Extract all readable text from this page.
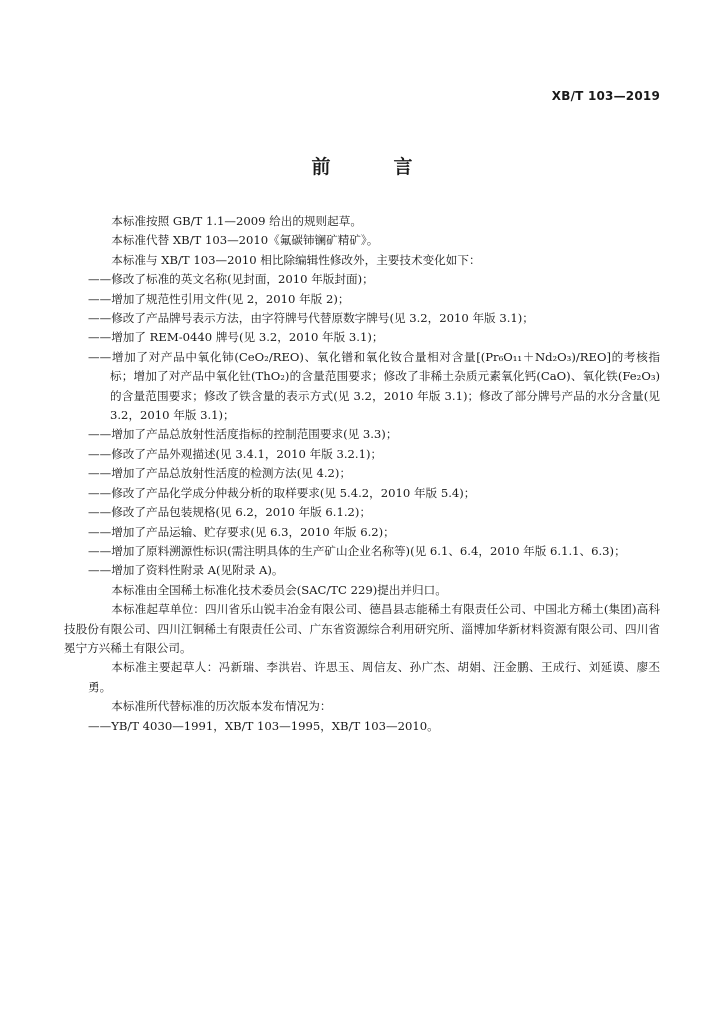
XB/T 103—2019
前　言

本标准按照 GB/T 1.1—2009 给出的规则起草。

本标准代替 XB/T 103—2010《氟碳铈镧矿精矿》。

本标准与 XB/T 103—2010 相比除编辑性修改外，主要技术变化如下：

——修改了标准的英文名称(见封面，2010 年版封面)；

——增加了规范性引用文件(见 2，2010 年版 2)；

——修改了产品牌号表示方法，由字符牌号代替原数字牌号(见 3.2，2010 年版 3.1)；

——增加了 REM-0440 牌号(见 3.2，2010 年版 3.1)；

——增加了对产品中氧化铈(CeO₂/REO)、氧化镨和氧化钕合量相对含量[(Pr₆O₁₁＋Nd₂O₃)/REO]的考核指标；增加了对产品中氧化钍(ThO₂)的含量范围要求；修改了非稀土杂质元素氧化钙(CaO)、氧化铁(Fe₂O₃)的含量范围要求；修改了铁含量的表示方式(见 3.2，2010 年版 3.1)；修改了部分牌号产品的水分含量(见 3.2，2010 年版 3.1)；

——增加了产品总放射性活度指标的控制范围要求(见 3.3)；

——修改了产品外观描述(见 3.4.1，2010 年版 3.2.1)；

——增加了产品总放射性活度的检测方法(见 4.2)；

——修改了产品化学成分仲裁分析的取样要求(见 5.4.2，2010 年版 5.4)；

——修改了产品包装规格(见 6.2，2010 年版 6.1.2)；

——增加了产品运输、贮存要求(见 6.3，2010 年版 6.2)；

——增加了原料溯源性标识(需注明具体的生产矿山企业名称等)(见 6.1、6.4，2010 年版 6.1.1、6.3)；

——增加了资料性附录 A(见附录 A)。

本标准由全国稀土标准化技术委员会(SAC/TC 229)提出并归口。

本标准起草单位：四川省乐山锐丰冶金有限公司、德昌县志能稀土有限责任公司、中国北方稀土(集团)高科技股份有限公司、四川江铜稀土有限责任公司、广东省资源综合利用研究所、淄博加华新材料资源有限公司、四川省冕宁方兴稀土有限公司。

本标准主要起草人：冯新瑞、李洪岩、许思玉、周信友、孙广杰、胡娟、汪金鹏、王成行、刘延谟、廖丕勇。

本标准所代替标准的历次版本发布情况为：

——YB/T 4030—1991，XB/T 103—1995，XB/T 103—2010。
